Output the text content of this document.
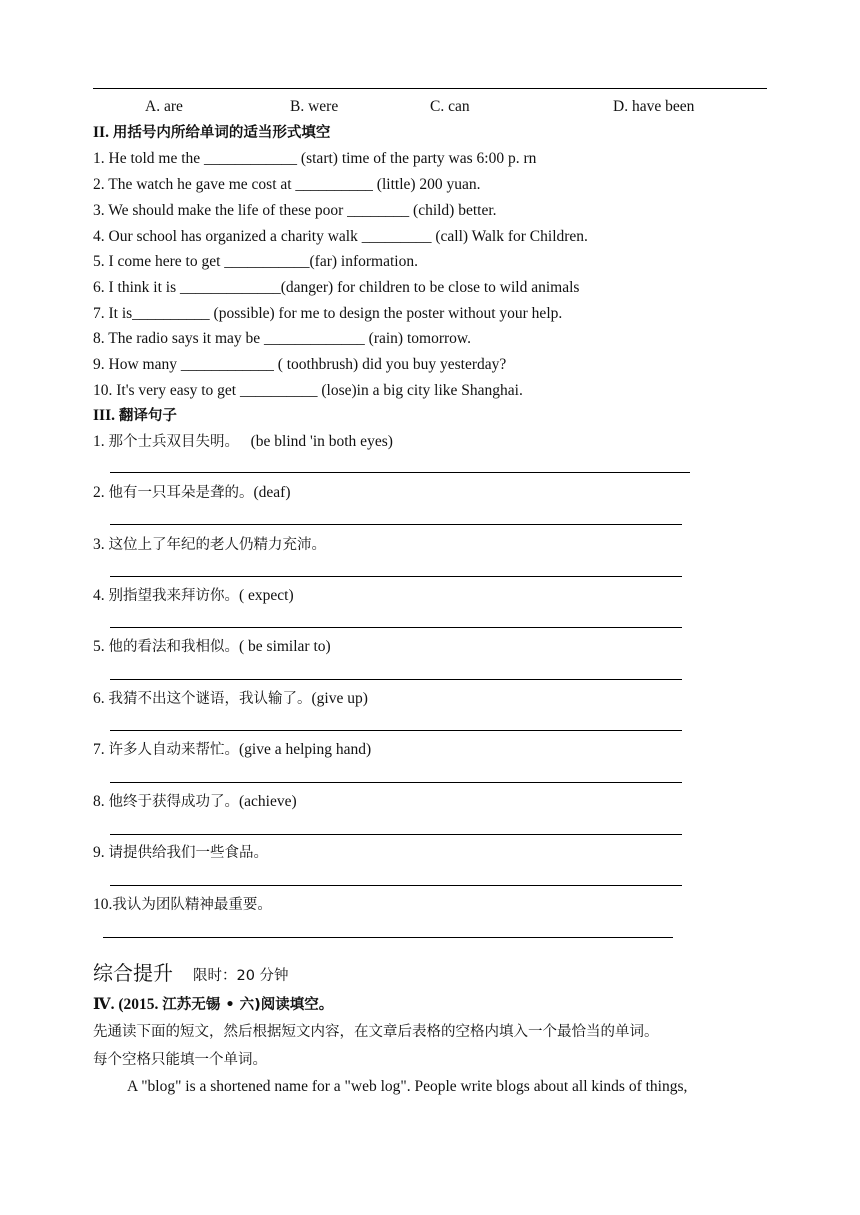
A. are	B. were	C. can	D. have been
II. 用括号内所给单词的适当形式填空
1. He told me the ____________ (start) time of the party was 6:00 p. rn
2. The watch he gave me cost at __________ (little) 200 yuan.
3. We should make the life of these poor ________ (child) better.
4. Our school has organized a charity walk _________ (call) Walk for Children.
5. I come here to get ___________(far) information.
6. I think it is _____________(danger) for children to be close to wild animals
7. It is__________ (possible) for me to design the poster without your help.
8. The radio says it may be _____________ (rain) tomorrow.
9. How many ____________ ( toothbrush) did you buy yesterday?
10. It's very easy to get __________ (lose)in a big city like Shanghai.
III. 翻译句子
1. 那个士兵双目失明。   (be blind 'in both eyes)
2. 他有一只耳朵是聋的。(deaf)
3. 这位上了年纪的老人仍精力充沛。
4. 别指望我来拜访你。( expect)
5. 他的看法和我相似。( be similar to)
6. 我猜不出这个谜语，我认输了。(give up)
7. 许多人自动来帮忙。(give a helping hand)
8. 他终于获得成功了。(achieve)
9. 请提供给我们一些食品。
10.我认为团队精神最重要。
综合提升 限时：20 分钟
Ⅳ. (2015. 江苏无锡 • 六)阅读填空。
先通读下面的短文，然后根据短文内容，在文章后表格的空格内填入一个最恰当的单词。
每个空格只能填一个单词。
A "blog" is a shortened name for a "web log". People write blogs about all kinds of things,
